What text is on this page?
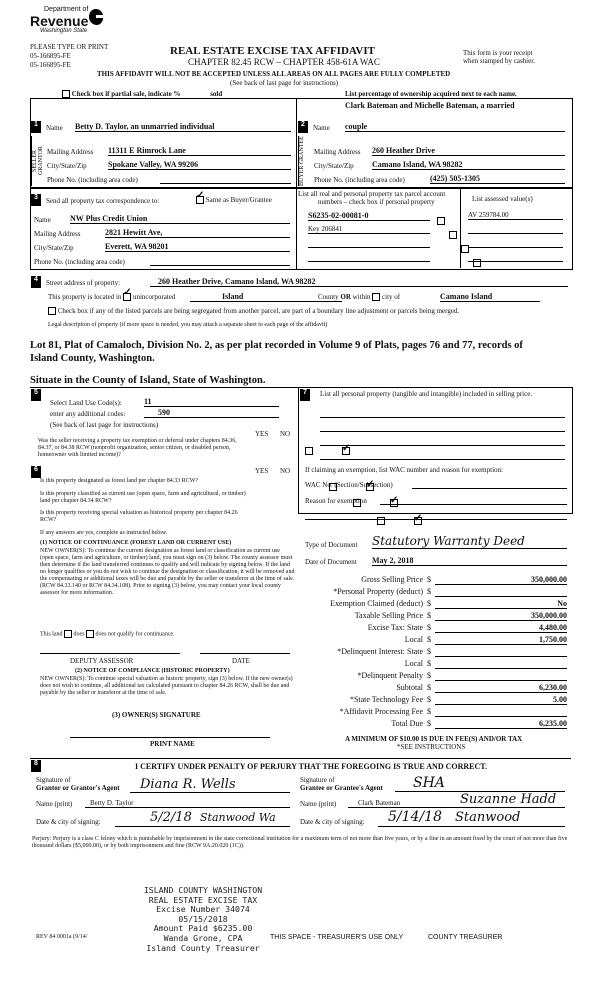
Department of
Revenue
Washington State
PLEASE TYPE OR PRINT
05-166895-FE
05-166895-FE
REAL ESTATE EXCISE TAX AFFIDAVIT
CHAPTER 82.45 RCW – CHAPTER 458-61A WAC
This form is your receipt
when stamped by cashier.
THIS AFFIDAVIT WILL NOT BE ACCEPTED UNLESS ALL AREAS ON ALL PAGES ARE FULLY COMPLETED
(See back of last page for instructions)
Check box if partial sale, indicate %	sold	List percentage of ownership acquired next to each name.
1	Name Betty D. Taylor, an unmarried individual
SELLER GRANTOR Mailing Address 11311 E Rimrock Lane
City/State/Zip	Spokane Valley, WA 99206
Phone No. (including area code)
Clark Bateman and Michelle Bateman, a married
2	Name couple
BUYER GRANTEE	Mailing Address 260 Heather Drive
City/State/Zip Camano Island, WA 98282
Phone No. (including area code)	(425) 505-1305
3	Send all property tax correspondence to: ✓	Same as Buyer/Grantee
Name NW Plus Credit Union
Mailing Address	2821 Hewitt Ave,
City/State/Zip	Everett, WA 98201
Phone No. (including area code)
List all real and personal property tax parcel account
numbers – check box if personal property	List assessed value(s)
S6235-02-00081-0
	AV 259784.00
Key 206841

4	Street address of property:	260 Heather Drive, Camano Island, WA 98282
This property is located in ✓ unincorporated	Island	County OR within city of	Camano Island
Check box if any of the listed parcels are being segregated from another parcel, are part of a boundary line adjustment or parcels being merged.
Legal description of property (if more space is needed, you may attach a separate sheet to each page of the affidavit)
Lot 81, Plat of Camaloch, Division No. 2, as per plat recorded in Volume 9 of Plats, pages 76 and 77, records of
Island County, Washington.
Situate in the County of Island, State of Washington.
5
Select Land Use Code(s):	11
enter any additional codes:	590
(See back of last page for instructions)
YES NO
Was the seller receiving a property tax exemption or deferral under chapters 84.36, 84.37, or 84.38 RCW (nonprofit organization, senior citizen, or disabled person, homeowner with limited income)?
✓
7	List all personal property (tangible and intangible) included in selling price.
6	YES NO
Is this property designated as forest land per chapter 84.33 RCW?
✓
Is this property classified as current use (open space, farm and agricultural, or timber) land per chapter 84.34 RCW?
✓
Is this property receiving special valuation as historical property per chapter 84.26 RCW?
✓
If any answers are yes, complete as instructed below.
(1) NOTICE OF CONTINUANCE (FOREST LAND OR CURRENT USE)
NEW OWNER(S): To continue the current designation as forest land or classification as current use (open space, farm and agriculture, or timber) land, you must sign on (3) below. The county assessor must then determine if the land transferred continues to qualify and will indicate by signing below. If the land no longer qualifies or you do not wish to continue the designation or classification, it will be removed and the compensating or additional taxes will be due and payable by the seller or transferor at the time of sale. (RCW 84.33.140 or RCW 84.34.108). Prior to signing (3) below, you may contact your local county assessor for more information.
This land does does not qualify for continuance.
DEPUTY ASSESSOR	DATE
(2) NOTICE OF COMPLIANCE (HISTORIC PROPERTY)
NEW OWNER(S): To continue special valuation as historic property, sign (3) below. If the new owner(s) does not wish to continue, all additional tax calculated pursuant to chapter 84.26 RCW, shall be due and payable by the seller or transferor at the time of sale.
(3) OWNER(S) SIGNATURE
PRINT NAME
If claiming an exemption, list WAC number and reason for exemption:
WAC No. (Section/Subsection)
Reason for exemption
Type of Document Statutory Warranty Deed
Date of Document May 2, 2018
Gross Selling Price $	350,000.00
*Personal Property (deduct) $
Exemption Claimed (deduct) $	No
Taxable Selling Price $	350,000.00
Excise Tax: State $	4,480.00
Local $	1,750.00
*Delinquent Interest: State $
Local $
*Delinquent Penalty $
Subtotal $	6,230.00
*State Technology Fee $	5.00
*Affidavit Processing Fee $
Total Due $	6,235.00
A MINIMUM OF $10.00 IS DUE IN FEE(S) AND/OR TAX
*SEE INSTRUCTIONS
8	I CERTIFY UNDER PENALTY OF PERJURY THAT THE FOREGOING IS TRUE AND CORRECT.
Signature of
Grantor or Grantor's Agent	Diana R. Wells
Name (print)	Betty D. Taylor
Date & city of signing:	5/2/18 Stanwood Wa
Signature of
Grantee or Grantee's Agent	SHA
Name (print)	Clark Bateman	Suzanne Hadd
Date & city of signing: 5/14/18 Stanwood
Perjury: Perjury is a class C felony which is punishable by imprisonment in the state correctional institution for a maximum term of not more than five years, or by a fine in an amount fixed by the court of not more than five thousand dollars ($5,000.00), or by both imprisonment and fine (RCW 9A.20.020 (1C)).
ISLAND COUNTY WASHINGTON
REAL ESTATE EXCISE TAX
Excise Number 34074
05/15/2018
Amount Paid $6235.00
Wanda Grone, CPA
Island County Treasurer
REV 84 0001a (9/14/	THIS SPACE - TREASURER'S USE ONLY	COUNTY TREASURER
